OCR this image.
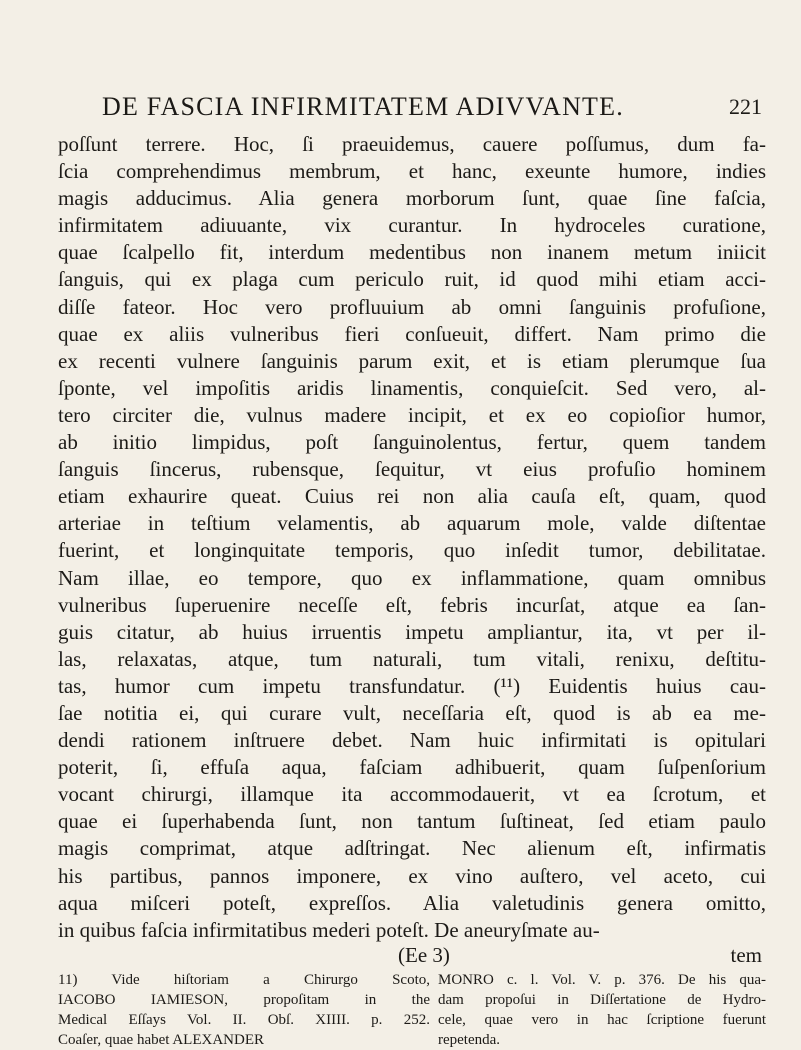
DE FASCIA INFIRMITATEM ADIVVANTE.	221
poſſunt terrere. Hoc, ſi praeuidemus, cauere poſſumus, dum fa-
ſcia comprehendimus membrum, et hanc, exeunte humore, indies
magis adducimus. Alia genera morborum ſunt, quae ſine faſcia,
infirmitatem adiuuante, vix curantur. In hydroceles curatione,
quae ſcalpello fit, interdum medentibus non inanem metum iniicit
ſanguis, qui ex plaga cum periculo ruit, id quod mihi etiam acci-
diſſe fateor. Hoc vero profluuium ab omni ſanguinis profuſione,
quae ex aliis vulneribus fieri conſueuit, differt. Nam primo die
ex recenti vulnere ſanguinis parum exit, et is etiam plerumque ſua
ſponte, vel impoſitis aridis linamentis, conquieſcit. Sed vero, al-
tero circiter die, vulnus madere incipit, et ex eo copioſior humor,
ab initio limpidus, poſt ſanguinolentus, fertur, quem tandem
ſanguis ſincerus, rubensque, ſequitur, vt eius profuſio hominem
etiam exhaurire queat. Cuius rei non alia cauſa eſt, quam, quod
arteriae in teſtium velamentis, ab aquarum mole, valde diſtentae
fuerint, et longinquitate temporis, quo inſedit tumor, debilitatae.
Nam illae, eo tempore, quo ex inflammatione, quam omnibus
vulneribus ſuperuenire neceſſe eſt, febris incurſat, atque ea ſan-
guis citatur, ab huius irruentis impetu ampliantur, ita, vt per il-
las, relaxatas, atque, tum naturali, tum vitali, renixu, deſtitu-
tas, humor cum impetu transfundatur. (¹¹) Euidentis huius cau-
ſae notitia ei, qui curare vult, neceſſaria eſt, quod is ab ea me-
dendi rationem inſtruere debet. Nam huic infirmitati is opitulari
poterit, ſi, effuſa aqua, faſciam adhibuerit, quam ſuſpenſorium
vocant chirurgi, illamque ita accommodauerit, vt ea ſcrotum, et
quae ei ſuperhabenda ſunt, non tantum ſuſtineat, ſed etiam paulo
magis comprimat, atque adſtringat. Nec alienum eſt, infirmatis
his partibus, pannos imponere, ex vino auſtero, vel aceto, cui
aqua miſceri poteſt, expreſſos. Alia valetudinis genera omitto,
in quibus faſcia infirmitatibus mederi poteſt. De aneuryſmate au-
(Ee 3)	tem
11) Vide hiſtoriam a Chirurgo Scoto,
IACOBO IAMIESON, propoſitam in the
Medical Eſſays Vol. II. Obſ. XIIII. p. 252.
Coaſer, quae habet ALEXANDER
MONRO c. l. Vol. V. p. 376. De his qua-
dam propoſui in Diſſertatione de Hydro-
cele, quae vero in hac ſcriptione fuerunt
repetenda.
